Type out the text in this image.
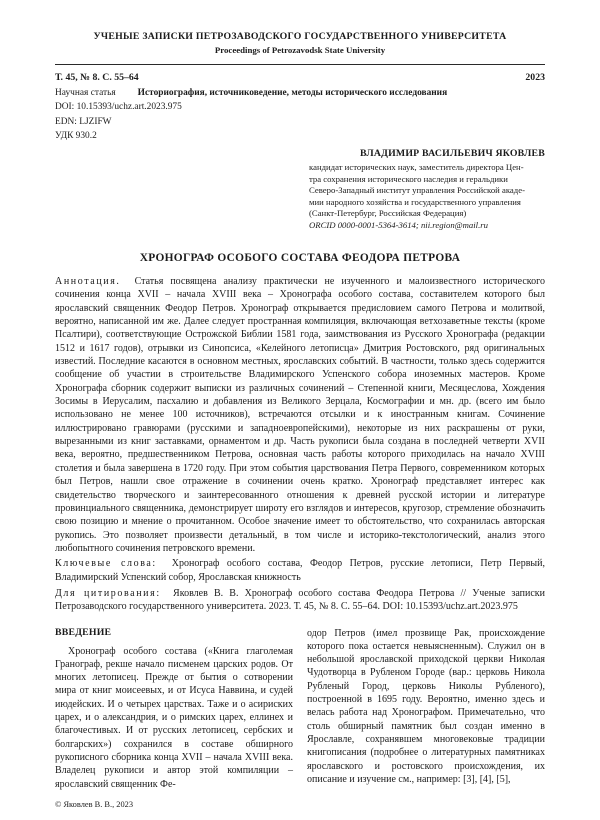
УЧЕНЫЕ ЗАПИСКИ ПЕТРОЗАВОДСКОГО ГОСУДАРСТВЕННОГО УНИВЕРСИТЕТА
Proceedings of Petrozavodsk State University
Т. 45, № 8. С. 55–64	2023
Научная статья Историография, источниковедение, методы исторического исследования
DOI: 10.15393/uchz.art.2023.975
EDN: LJZIFW
УДК 930.2
ВЛАДИМИР ВАСИЛЬЕВИЧ ЯКОВЛЕВ
кандидат исторических наук, заместитель директора Цен-
тра сохранения исторического наследия и геральдики
Северо-Западный институт управления Российской акаде-
мии народного хозяйства и государственного управления
(Санкт-Петербург, Российская Федерация)
ORCID 0000-0001-5364-3614; nii.region@mail.ru
ХРОНОГРАФ ОСОБОГО СОСТАВА ФЕОДОРА ПЕТРОВА

Аннотация. Статья посвящена анализу практически не изученного и малоизвестного исторического сочинения конца XVII – начала XVIII века – Хронографа особого состава, составителем которого был ярославский священник Феодор Петров. Хронограф открывается предисловием самого Петрова и молитвой, вероятно, написанной им же. Далее следует пространная компиляция, включающая ветхозаветные тексты (кроме Псалтири), соответствующие Острожской Библии 1581 года, заимствования из Русского Хронографа (редакции 1512 и 1617 годов), отрывки из Синопсиса, «Келейного летописца» Дмитрия Ростовского, ряд оригинальных известий. Последние касаются в основном местных, ярославских событий. В частности, только здесь содержится сообщение об участии в строительстве Владимирского Успенского собора иноземных мастеров. Кроме Хронографа сборник содержит выписки из различных сочинений – Степенной книги, Месяцеслова, Хождения Зосимы в Иерусалим, пасхалию и добавления из Великого Зерцала, Космографии и мн. др. (всего им было использовано не менее 100 источников), встречаются отсылки и к иностранным книгам. Сочинение иллюстрировано гравюрами (русскими и западноевропейскими), некоторые из них раскрашены от руки, вырезанными из книг заставками, орнаментом и др. Часть рукописи была создана в последней четверти XVII века, вероятно, предшественником Петрова, основная часть работы которого приходилась на начало XVIII столетия и была завершена в 1720 году. При этом события царствования Петра Первого, современником которых был Петров, нашли свое отражение в сочинении очень кратко. Хронограф представляет интерес как свидетельство творческого и заинтересованного отношения к древней русской истории и литературе провинциального священника, демонстрирует широту его взглядов и интересов, кругозор, стремление обозначить свою позицию и мнение о прочитанном. Особое значение имеет то обстоятельство, что сохранилась авторская рукопись. Это позволяет произвести детальный, в том числе и историко-текстологический, анализ этого любопытного сочинения петровского времени.

Ключевые слова: Хронограф особого состава, Феодор Петров, русские летописи, Петр Первый, Владимирский Успенский собор, Ярославская книжность

Для цитирования: Яковлев В. В. Хронограф особого состава Феодора Петрова // Ученые записки Петрозаводского государственного университета. 2023. Т. 45, № 8. С. 55–64. DOI: 10.15393/uchz.art.2023.975

ВВЕДЕНИЕ

Хронограф особого состава («Книга глаголемая Гранограф, рекше начало писменем царских родов. От многих летописец. Прежде от бытия о сотворении мира от книг моисеевых, и от Исуса Наввина, и судей июдейских. И о четырех царствах. Таже и о асириских царех, и о александрия, и о римских царех, еллинех и благочестивых. И от русских летописец, сербских и болгарских») сохранился в составе обширного рукописного сборника конца XVII – начала XVIII века. Владелец рукописи и автор этой компиляции – ярославский священник Фе-

© Яковлев В. В., 2023

одор Петров (имел прозвище Рак, происхождение которого пока остается невыясненным). Служил он в небольшой ярославской приходской церкви Николая Чудотворца в Рубленом Городе (вар.: церковь Никола Рубленый Город, церковь Николы Рубленого), построенной в 1695 году. Вероятно, именно здесь и велась работа над Хронографом. Примечательно, что столь обширный памятник был создан именно в Ярославле, сохранявшем многовековые традиции книгописания (подробнее о литературных памятниках ярославского и ростовского происхождения, их описание и изучение см., например: [3], [4], [5],
